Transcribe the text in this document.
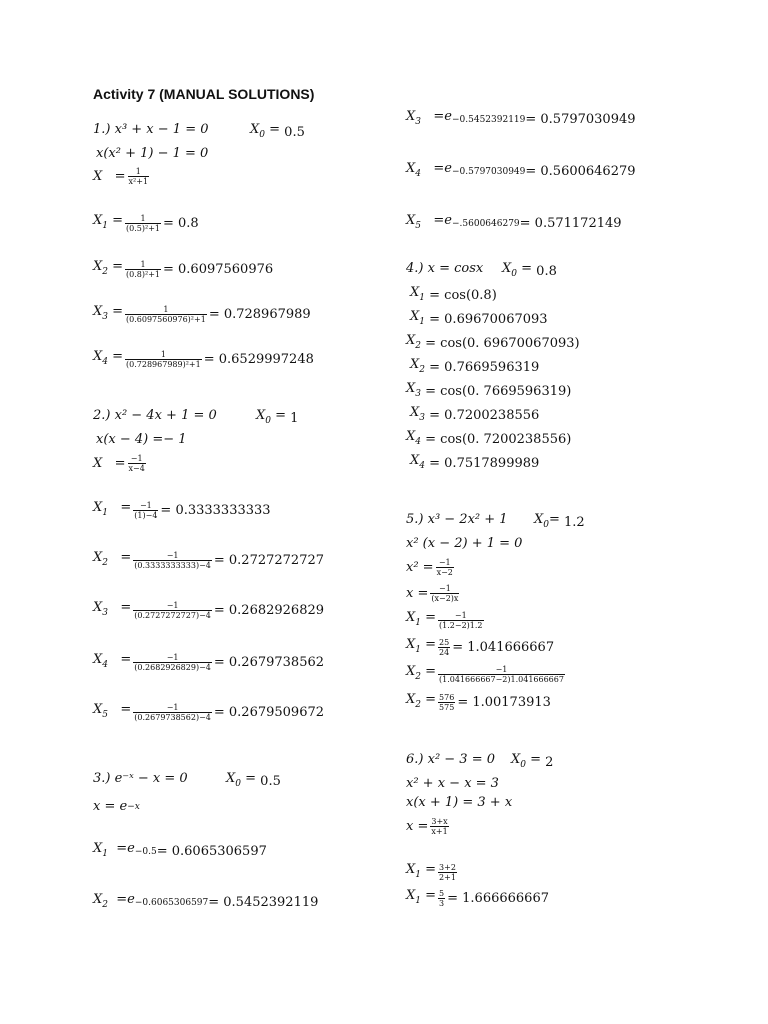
Activity 7 (MANUAL SOLUTIONS)
1.) x³ + x − 1 = 0	$X_0 = 0.5$
x(x² + 1) − 1 = 0
$X = \frac{1}{\text{x²+1}}$
$X_1 = \frac{1}{\text{(0.5)²+1}} = 0.8$
$X_2 = \frac{1}{\text{(0.8)²+1}} = 0.6097560976$
$X_3 = \frac{1}{\text{(0.6097560976)²+1}} = 0.728967989$
$X_4 = \frac{1}{\text{(0.728967989)²+1}} = 0.6529997248$
2.) x² − 4x + 1 = 0	$X_0 = 1$
x(x − 4) =− 1
$X = \frac{-1}{x-4}$
$X_1 = \frac{-1}{(1)-4} = 0.3333333333$
$X_2 = \frac{-1}{(0.3333333333)-4} = 0.2727272727$
$X_3 = \frac{-1}{(0.2727272727)-4} = 0.2682926829$
$X_4 = \frac{-1}{(0.2682926829)-4} = 0.2679738562$
$X_5 = \frac{-1}{(0.2679738562)-4} = 0.2679509672$
3.) e⁻ˣ − x = 0	$X_0 = 0.5$
x = e −x
$X_1 =e -0.5 = 0.6065306597$
$X_2 =e -0.6065306597 = 0.5452392119$
$X_3 =e -0.5452392119 = 0.5797030949$
$X_4 =e -0.5797030949 = 0.5600646279$
$X_5 =e -.5600646279 = 0.571172149$
4.) x = cosx $X_0 = 0.8$
$X_1 = \cos(0.8)$
$X_1 = 0.69670067093$
$X_2 = \cos(0$. 69670067093)
$X_2 = 0.7669596319$
$X_3 = \cos(0$. 7669596319)
$X_3 = 0.7200238556$
$X_4 = \cos(0$. 7200238556)
$X_4 = 0.7517899989$
5.) x³ − 2x² + 1 $X_0= 1.2$
x² (x − 2) + 1 = 0
$x^2 = \frac{-1}{x-2}$
$x = \frac{-1}{(x-2)x}$
$X_1 = \frac{-1}{(1.2-2)1.2}$
$X_1 = \frac{25}{24} = 1.041666667$
$X_2 = \frac{-1}{(1.041666667-2)1.041666667}$
$X_2 = \frac{576}{575} = 1.00173913$
6.) x² − 3 = 0 $X_0 = 2$
x² + x − x = 3
x(x + 1) = 3 + x
$x = \frac{3+x}{x+1}$
$X_1 = \frac{3+2}{2+1}$
$X_1 = \frac{5}{3} = 1.666666667$
